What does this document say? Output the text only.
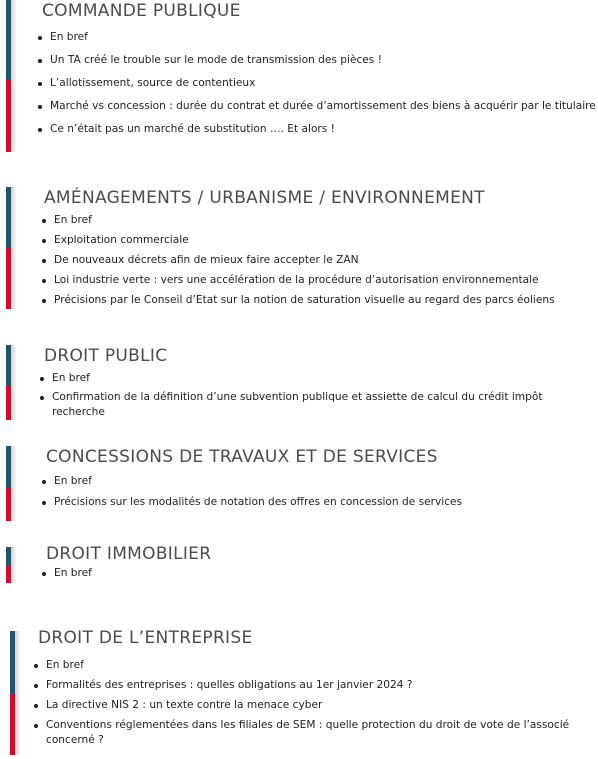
COMMANDE PUBLIQUE
En bref
Un TA créé le trouble sur le mode de transmission des pièces !
L’allotissement, source de contentieux
Marché vs concession : durée du contrat et durée d’amortissement des biens à acquérir par le titulaire
Ce n’était pas un marché de substitution …. Et alors !
AMÉNAGEMENTS / URBANISME / ENVIRONNEMENT
En bref
Exploitation commerciale
De nouveaux décrets afin de mieux faire accepter le ZAN
Loi industrie verte : vers une accélération de la procédure d’autorisation environnementale
Précisions par le Conseil d’Etat sur la notion de saturation visuelle au regard des parcs éoliens
DROIT PUBLIC
En bref
Confirmation de la définition d’une subvention publique et assiette de calcul du crédit impôt recherche
CONCESSIONS DE TRAVAUX ET DE SERVICES
En bref
Précisions sur les modalités de notation des offres en concession de services
DROIT IMMOBILIER
En bref
DROIT DE L’ENTREPRISE
En bref
Formalités des entreprises : quelles obligations au 1er janvier 2024 ?
La directive NIS 2 : un texte contre la menace cyber
Conventions réglementées dans les filiales de SEM : quelle protection du droit de vote de l’associé concerné ?
